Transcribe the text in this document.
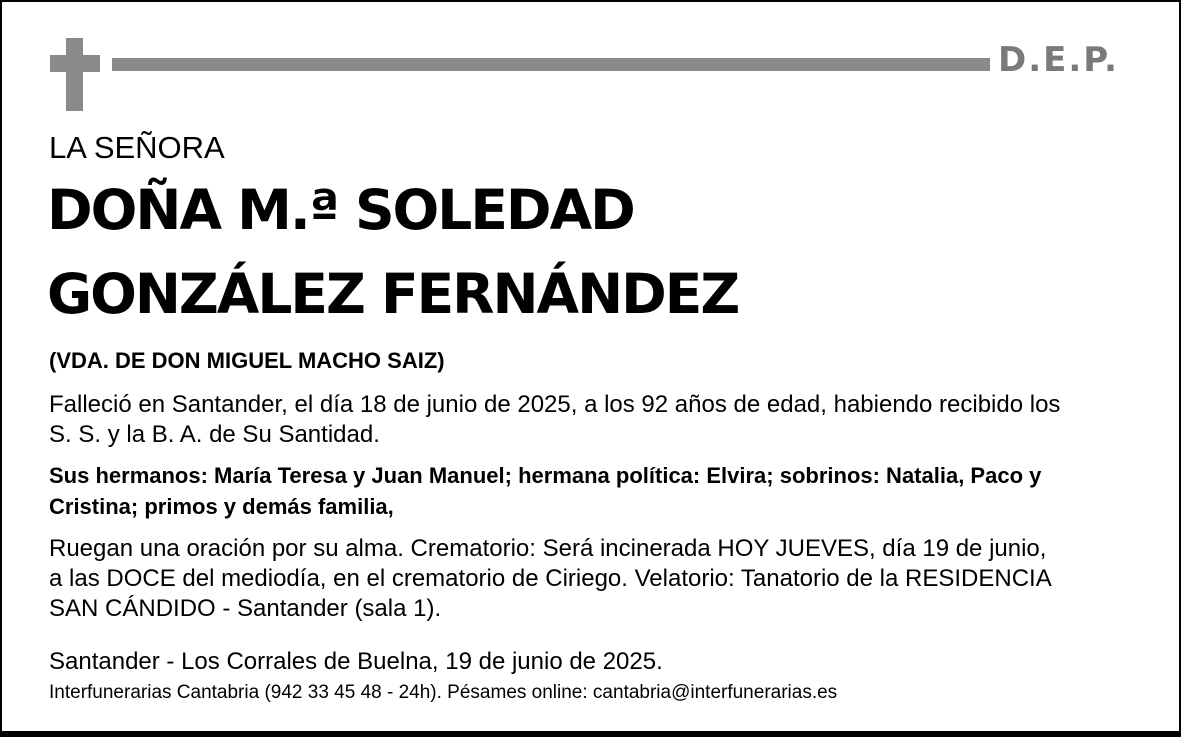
D.E.P.
LA SEÑORA
DOÑA M.ª SOLEDAD
GONZÁLEZ FERNÁNDEZ
(VDA. DE DON MIGUEL MACHO SAIZ)
Falleció en Santander, el día 18 de junio de 2025, a los 92 años de edad, habiendo recibido los
S. S. y la B. A. de Su Santidad.
Sus hermanos: María Teresa y Juan Manuel; hermana política: Elvira; sobrinos: Natalia, Paco y
Cristina; primos y demás familia,
Ruegan una oración por su alma. Crematorio: Será incinerada HOY JUEVES, día 19 de junio,
a las DOCE del mediodía, en el crematorio de Ciriego. Velatorio: Tanatorio de la RESIDENCIA
SAN CÁNDIDO - Santander (sala 1).
Santander - Los Corrales de Buelna, 19 de junio de 2025.
Interfunerarias Cantabria (942 33 45 48 - 24h). Pésames online: cantabria@interfunerarias.es
